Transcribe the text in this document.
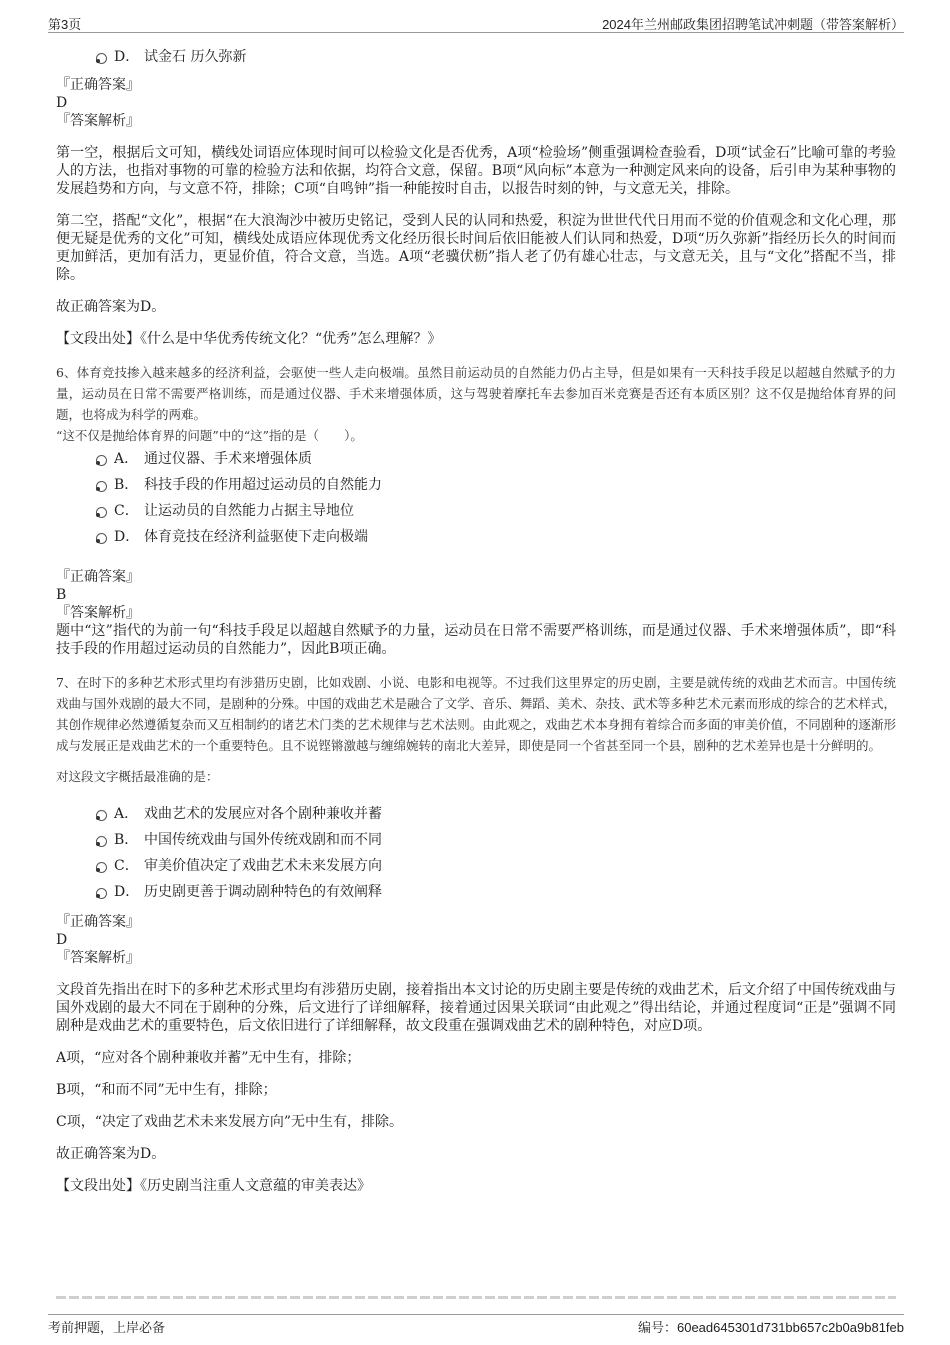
第3页	2024年兰州邮政集团招聘笔试冲刺题（带答案解析）
D． 试金石 历久弥新

『正确答案』

D

『答案解析』

第一空，根据后文可知，横线处词语应体现时间可以检验文化是否优秀，A项“检验场”侧重强调检查验看，D项“试金石”比喻可靠的考验人的方法，也指对事物的可靠的检验方法和依据，均符合文意，保留。B项“风向标”本意为一种测定风来向的设备，后引申为某种事物的发展趋势和方向，与文意不符，排除；C项“自鸣钟”指一种能按时自击，以报告时刻的钟，与文意无关，排除。

第二空，搭配“文化”，根据“在大浪淘沙中被历史铭记，受到人民的认同和热爱，积淀为世世代代日用而不觉的价值观念和文化心理，那便无疑是优秀的文化”可知，横线处成语应体现优秀文化经历很长时间后依旧能被人们认同和热爱，D项“历久弥新”指经历长久的时间而更加鲜活，更加有活力，更显价值，符合文意，当选。A项“老骥伏枥”指人老了仍有雄心壮志，与文意无关，且与“文化”搭配不当，排除。

故正确答案为D。

【文段出处】《什么是中华优秀传统文化？“优秀”怎么理解？》

6、体育竞技掺入越来越多的经济利益，会驱使一些人走向极端。虽然目前运动员的自然能力仍占主导，但是如果有一天科技手段足以超越自然赋予的力量，运动员在日常不需要严格训练，而是通过仪器、手术来增强体质，这与驾驶着摩托车去参加百米竞赛是否还有本质区别？这不仅是抛给体育界的问题，也将成为科学的两难。

“这不仅是抛给体育界的问题”中的“这”指的是（　　）。

A． 通过仪器、手术来增强体质
B． 科技手段的作用超过运动员的自然能力
C． 让运动员的自然能力占据主导地位
D． 体育竞技在经济利益驱使下走向极端

『正确答案』

B

『答案解析』

题中“这”指代的为前一句“科技手段足以超越自然赋予的力量，运动员在日常不需要严格训练，而是通过仪器、手术来增强体质”，即“科技手段的作用超过运动员的自然能力”，因此B项正确。

7、在时下的多种艺术形式里均有涉猎历史剧，比如戏剧、小说、电影和电视等。不过我们这里界定的历史剧，主要是就传统的戏曲艺术而言。中国传统戏曲与国外戏剧的最大不同，是剧种的分殊。中国的戏曲艺术是融合了文学、音乐、舞蹈、美术、杂技、武术等多种艺术元素而形成的综合的艺术样式，其创作规律必然遵循复杂而又互相制约的诸艺术门类的艺术规律与艺术法则。由此观之，戏曲艺术本身拥有着综合而多面的审美价值，不同剧种的逐渐形成与发展正是戏曲艺术的一个重要特色。且不说铿锵激越与缠绵婉转的南北大差异，即使是同一个省甚至同一个县，剧种的艺术差异也是十分鲜明的。

对这段文字概括最准确的是：

A． 戏曲艺术的发展应对各个剧种兼收并蓄
B． 中国传统戏曲与国外传统戏剧和而不同
C． 审美价值决定了戏曲艺术未来发展方向
D． 历史剧更善于调动剧种特色的有效阐释

『正确答案』

D

『答案解析』

文段首先指出在时下的多种艺术形式里均有涉猎历史剧，接着指出本文讨论的历史剧主要是传统的戏曲艺术，后文介绍了中国传统戏曲与国外戏剧的最大不同在于剧种的分殊，后文进行了详细解释，接着通过因果关联词“由此观之”得出结论，并通过程度词“正是”强调不同剧种是戏曲艺术的重要特色，后文依旧进行了详细解释，故文段重在强调戏曲艺术的剧种特色，对应D项。

A项，“应对各个剧种兼收并蓄”无中生有，排除；

B项，“和而不同”无中生有，排除；

C项，“决定了戏曲艺术未来发展方向”无中生有，排除。

故正确答案为D。

【文段出处】《历史剧当注重人文意蕴的审美表达》

考前押题，上岸必备	编号：60ead645301d731bb657c2b0a9b81feb
